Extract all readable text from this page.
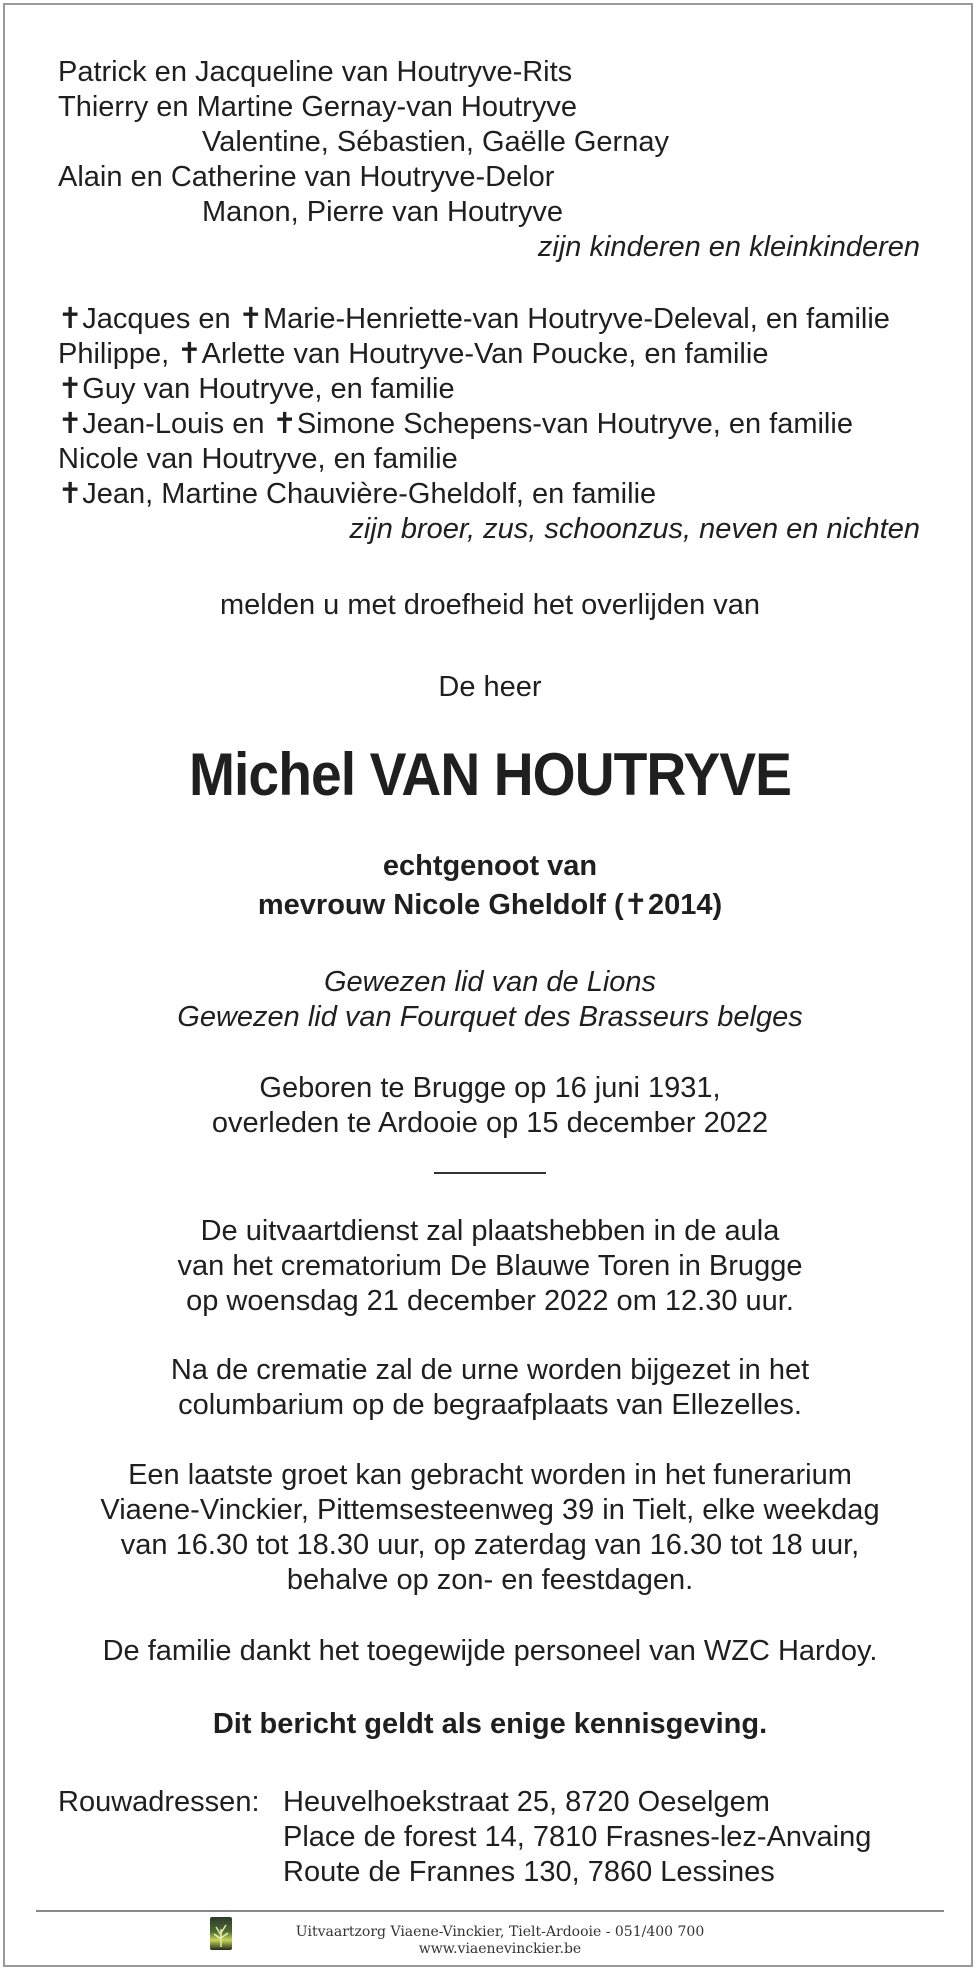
Patrick en Jacqueline van Houtryve-Rits
Thierry en Martine Gernay-van Houtryve
Valentine, Sébastien, Gaëlle Gernay
Alain en Catherine van Houtryve-Delor
Manon, Pierre van Houtryve
zijn kinderen en kleinkinderen
✝Jacques en ✝Marie-Henriette-van Houtryve-Deleval, en familie
Philippe, ✝Arlette van Houtryve-Van Poucke, en familie
✝Guy van Houtryve, en familie
✝Jean-Louis en ✝Simone Schepens-van Houtryve, en familie
Nicole van Houtryve, en familie
✝Jean, Martine Chauvière-Gheldolf, en familie
zijn broer, zus, schoonzus, neven en nichten
melden u met droefheid het overlijden van
De heer
Michel VAN HOUTRYVE
echtgenoot van
mevrouw Nicole Gheldolf (✝2014)
Gewezen lid van de Lions
Gewezen lid van Fourquet des Brasseurs belges
Geboren te Brugge op 16 juni 1931,
overleden te Ardooie op 15 december 2022
De uitvaartdienst zal plaatshebben in de aula
van het crematorium De Blauwe Toren in Brugge
op woensdag 21 december 2022 om 12.30 uur.
Na de crematie zal de urne worden bijgezet in het
columbarium op de begraafplaats van Ellezelles.
Een laatste groet kan gebracht worden in het funerarium
Viaene-Vinckier, Pittemsesteenweg 39 in Tielt, elke weekdag
van 16.30 tot 18.30 uur, op zaterdag van 16.30 tot 18 uur,
behalve op zon- en feestdagen.
De familie dankt het toegewijde personeel van WZC Hardoy.
Dit bericht geldt als enige kennisgeving.
Rouwadressen: Heuvelhoekstraat 25, 8720 Oeselgem
Place de forest 14, 7810 Frasnes-lez-Anvaing
Route de Frannes 130, 7860 Lessines
Uitvaartzorg Viaene-Vinckier, Tielt-Ardooie - 051/400 700
www.viaenevinckier.be
